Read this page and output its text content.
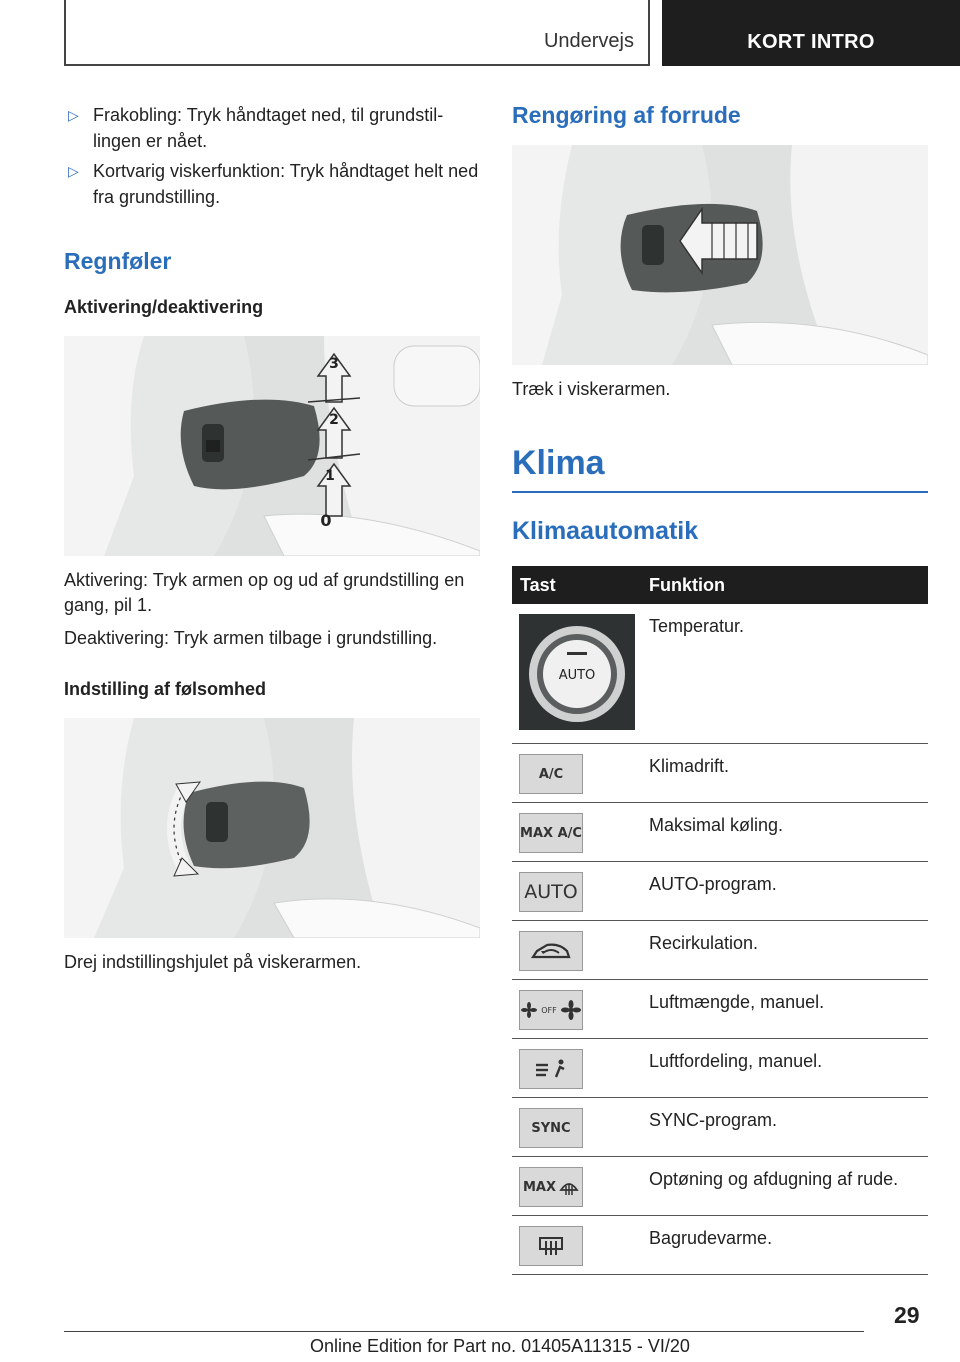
Undervejs	KORT INTRO
▷ Frakobling: Tryk håndtaget ned, til grundstil-lingen er nået.

▷ Kortvarig viskerfunktion: Tryk håndtaget helt ned fra grundstilling.

Regnføler
Aktivering/deaktivering
3
2
1
0

Aktivering: Tryk armen op og ud af grundstilling en gang, pil 1.

Deaktivering: Tryk armen tilbage i grundstilling.

Indstilling af følsomhed

Drej indstillingshjulet på viskerarmen.

Rengøring af forrude

Træk i viskerarmen.

Klima
Klimaautomatik
Tast	Funktion

AUTO	Temperatur.

A/C	Klimadrift.

MAX A/C	Maksimal køling.

AUTO	AUTO-program.

	Recirkulation.

OFF	Luftmængde, manuel.

	Luftfordeling, manuel.

SYNC	SYNC-program.

MAX	Optøning og afdugning af rude.

	Bagrudevarme.
29
Online Edition for Part no. 01405A11315 - VI/20
